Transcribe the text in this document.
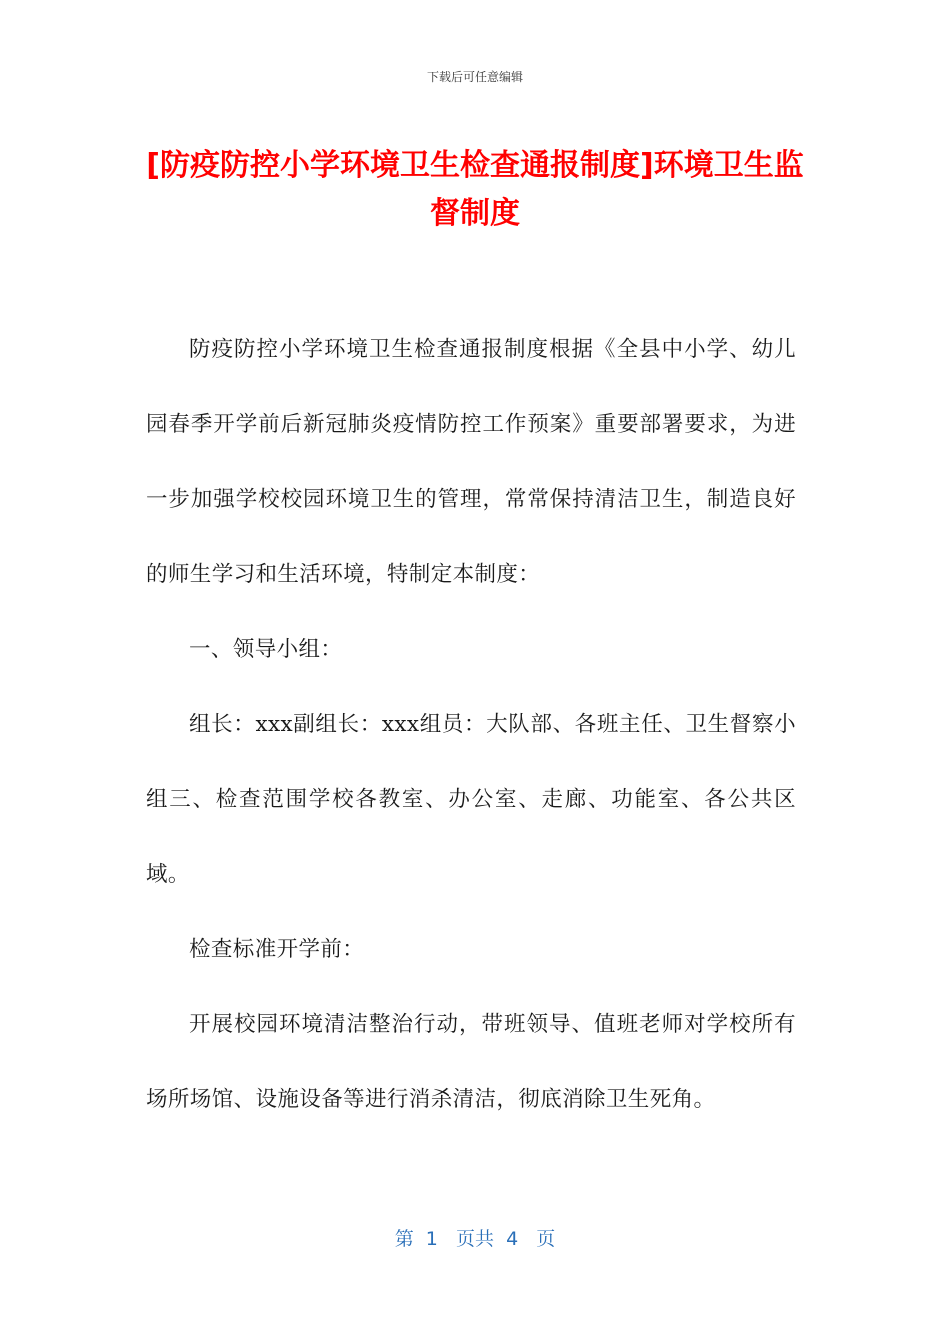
下载后可任意编辑
[防疫防控小学环境卫生检查通报制度]环境卫生监督制度

防疫防控小学环境卫生检查通报制度根据《全县中小学、幼儿园春季开学前后新冠肺炎疫情防控工作预案》重要部署要求，为进一步加强学校校园环境卫生的管理，常常保持清洁卫生，制造良好的师生学习和生活环境，特制定本制度：

一、领导小组：

组长：xxx副组长：xxx组员：大队部、各班主任、卫生督察小组三、检查范围学校各教室、办公室、走廊、功能室、各公共区域。

检查标准开学前：

开展校园环境清洁整治行动，带班领导、值班老师对学校所有场所场馆、设施设备等进行消杀清洁，彻底消除卫生死角。

第  1   页共  4   页
